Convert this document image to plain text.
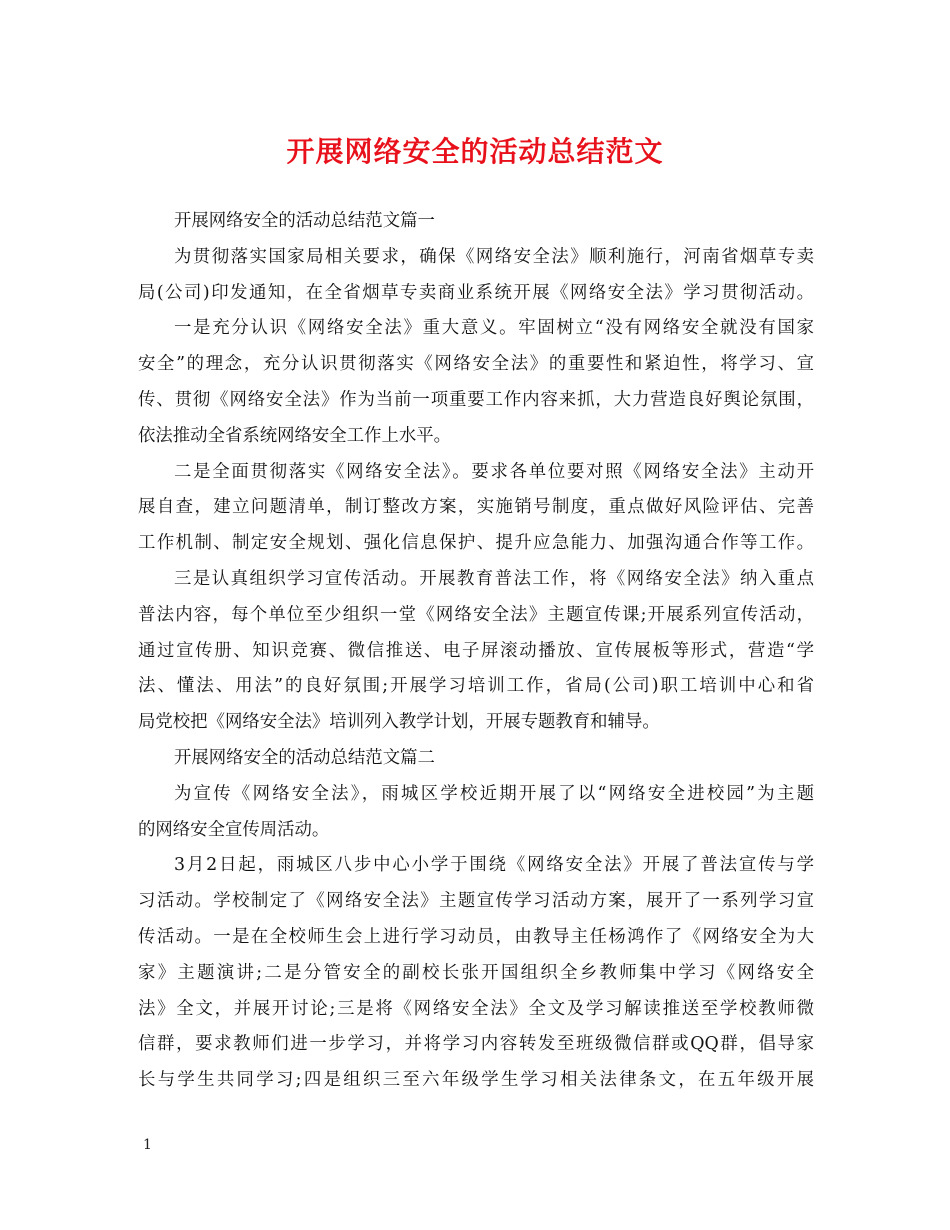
开展网络安全的活动总结范文
开展网络安全的活动总结范文篇一
为贯彻落实国家局相关要求，确保《网络安全法》顺利施行，河南省烟草专卖
局(公司)印发通知，在全省烟草专卖商业系统开展《网络安全法》学习贯彻活动。
一是充分认识《网络安全法》重大意义。牢固树立“没有网络安全就没有国家
安全”的理念，充分认识贯彻落实《网络安全法》的重要性和紧迫性，将学习、宣
传、贯彻《网络安全法》作为当前一项重要工作内容来抓，大力营造良好舆论氛围，
依法推动全省系统网络安全工作上水平。
二是全面贯彻落实《网络安全法》。要求各单位要对照《网络安全法》主动开
展自查，建立问题清单，制订整改方案，实施销号制度，重点做好风险评估、完善
工作机制、制定安全规划、强化信息保护、提升应急能力、加强沟通合作等工作。
三是认真组织学习宣传活动。开展教育普法工作，将《网络安全法》纳入重点
普法内容，每个单位至少组织一堂《网络安全法》主题宣传课;开展系列宣传活动，
通过宣传册、知识竞赛、微信推送、电子屏滚动播放、宣传展板等形式，营造“学
法、懂法、用法”的良好氛围;开展学习培训工作，省局(公司)职工培训中心和省
局党校把《网络安全法》培训列入教学计划，开展专题教育和辅导。
开展网络安全的活动总结范文篇二
为宣传《网络安全法》，雨城区学校近期开展了以“网络安全进校园”为主题
的网络安全宣传周活动。
3月2日起，雨城区八步中心小学于围绕《网络安全法》开展了普法宣传与学
习活动。学校制定了《网络安全法》主题宣传学习活动方案，展开了一系列学习宣
传活动。一是在全校师生会上进行学习动员，由教导主任杨鸿作了《网络安全为大
家》主题演讲;二是分管安全的副校长张开国组织全乡教师集中学习《网络安全
法》全文，并展开讨论;三是将《网络安全法》全文及学习解读推送至学校教师微
信群，要求教师们进一步学习，并将学习内容转发至班级微信群或QQ群，倡导家
长与学生共同学习;四是组织三至六年级学生学习相关法律条文，在五年级开展
1
